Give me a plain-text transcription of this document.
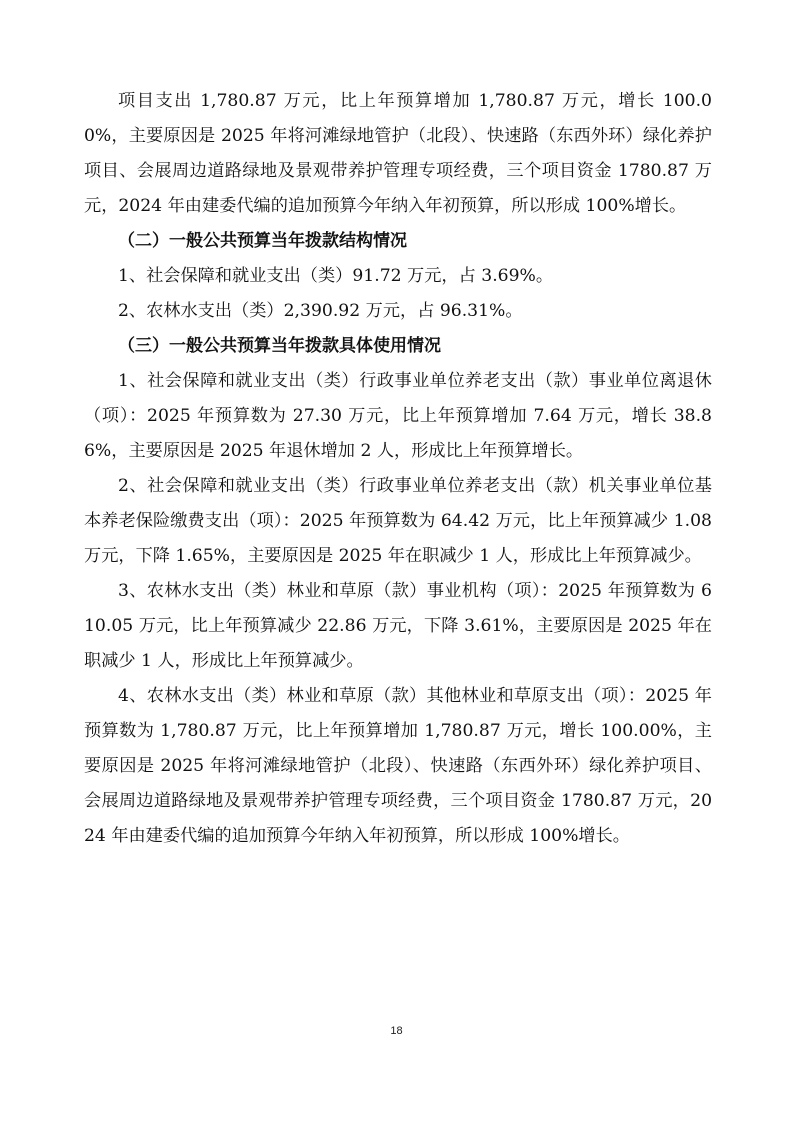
项目支出 1,780.87 万元，比上年预算增加 1,780.87 万元，增长 100.00%，主要原因是 2025 年将河滩绿地管护（北段）、快速路（东西外环）绿化养护项目、会展周边道路绿地及景观带养护管理专项经费，三个项目资金 1780.87 万元，2024 年由建委代编的追加预算今年纳入年初预算，所以形成 100%增长。

（二）一般公共预算当年拨款结构情况

1、社会保障和就业支出（类）91.72 万元，占 3.69%。

2、农林水支出（类）2,390.92 万元，占 96.31%。

（三）一般公共预算当年拨款具体使用情况

1、社会保障和就业支出（类）行政事业单位养老支出（款）事业单位离退休（项）：2025 年预算数为 27.30 万元，比上年预算增加 7.64 万元，增长 38.86%，主要原因是 2025 年退休增加 2 人，形成比上年预算增长。

2、社会保障和就业支出（类）行政事业单位养老支出（款）机关事业单位基本养老保险缴费支出（项）：2025 年预算数为 64.42 万元，比上年预算减少 1.08 万元，下降 1.65%，主要原因是 2025 年在职减少 1 人，形成比上年预算减少。

3、农林水支出（类）林业和草原（款）事业机构（项）：2025 年预算数为 610.05 万元，比上年预算减少 22.86 万元，下降 3.61%，主要原因是 2025 年在职减少 1 人，形成比上年预算减少。

4、农林水支出（类）林业和草原（款）其他林业和草原支出（项）：2025 年预算数为 1,780.87 万元，比上年预算增加 1,780.87 万元，增长 100.00%，主要原因是 2025 年将河滩绿地管护（北段）、快速路（东西外环）绿化养护项目、会展周边道路绿地及景观带养护管理专项经费，三个项目资金 1780.87 万元，2024 年由建委代编的追加预算今年纳入年初预算，所以形成 100%增长。

18
